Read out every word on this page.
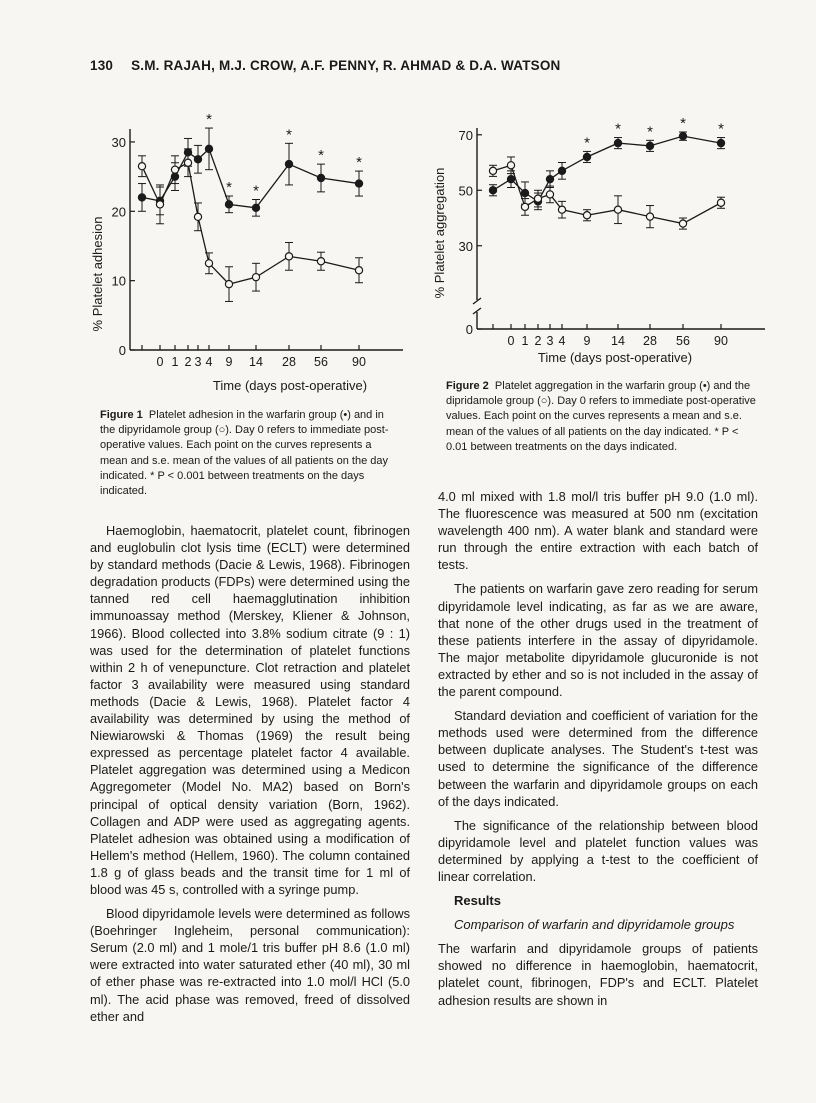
130 S.M. RAJAH, M.J. CROW, A.F. PENNY, R. AHMAD & D.A. WATSON
% Platelet adhesion
Time (days post-operative)
0
10
20
30
0 1 2 3 4 9 14 28 56 90
*
* *
*
* *
Figure 1 Platelet adhesion in the warfarin group (•) and in the dipyridamole group (○). Day 0 refers to immediate post-operative values. Each point on the curves represents a mean and s.e. mean of the values of all patients on the day indicated. * P < 0.001 between treatments on the days indicated.
% Platelet aggregation
Time (days post-operative)
0
30
50
70
0 1 2 3 4 9 14 28 56 90
*
* * * *
Figure 2 Platelet aggregation in the warfarin group (•) and the dipridamole group (○). Day 0 refers to immediate post-operative values. Each point on the curves represents a mean and s.e. mean of the values of all patients on the day indicated. * P < 0.01 between treatments on the days indicated.

Haemoglobin, haematocrit, platelet count, fibrinogen and euglobulin clot lysis time (ECLT) were determined by standard methods (Dacie & Lewis, 1968). Fibrinogen degradation products (FDPs) were determined using the tanned red cell haemagglutination inhibition immunoassay method (Merskey, Kliener & Johnson, 1966). Blood collected into 3.8% sodium citrate (9 : 1) was used for the determination of platelet functions within 2 h of venepuncture. Clot retraction and platelet factor 3 availability were measured using standard methods (Dacie & Lewis, 1968). Platelet factor 4 availability was determined by using the method of Niewiarowski & Thomas (1969) the result being expressed as percentage platelet factor 4 available. Platelet aggregation was determined using a Medicon Aggregometer (Model No. MA2) based on Born's principal of optical density variation (Born, 1962). Collagen and ADP were used as aggregating agents. Platelet adhesion was obtained using a modification of Hellem's method (Hellem, 1960). The column contained 1.8 g of glass beads and the transit time for 1 ml of blood was 45 s, controlled with a syringe pump.

Blood dipyridamole levels were determined as follows (Boehringer Ingleheim, personal communication): Serum (2.0 ml) and 1 mole/1 tris buffer pH 8.6 (1.0 ml) were extracted into water saturated ether (40 ml), 30 ml of ether phase was re-extracted into 1.0 mol/l HCl (5.0 ml). The acid phase was removed, freed of dissolved ether and

4.0 ml mixed with 1.8 mol/l tris buffer pH 9.0 (1.0 ml). The fluorescence was measured at 500 nm (excitation wavelength 400 nm). A water blank and standard were run through the entire extraction with each batch of tests.

The patients on warfarin gave zero reading for serum dipyridamole level indicating, as far as we are aware, that none of the other drugs used in the treatment of these patients interfere in the assay of dipyridamole. The major metabolite dipyridamole glucuronide is not extracted by ether and so is not included in the assay of the parent compound.

Standard deviation and coefficient of variation for the methods used were determined from the difference between duplicate analyses. The Student's t-test was used to determine the significance of the difference between the warfarin and dipyridamole groups on each of the days indicated.

The significance of the relationship between blood dipyridamole level and platelet function values was determined by applying a t-test to the coefficient of linear correlation.

Results

Comparison of warfarin and dipyridamole groups

The warfarin and dipyridamole groups of patients showed no difference in haemoglobin, haematocrit, platelet count, fibrinogen, FDP's and ECLT. Platelet adhesion results are shown in
